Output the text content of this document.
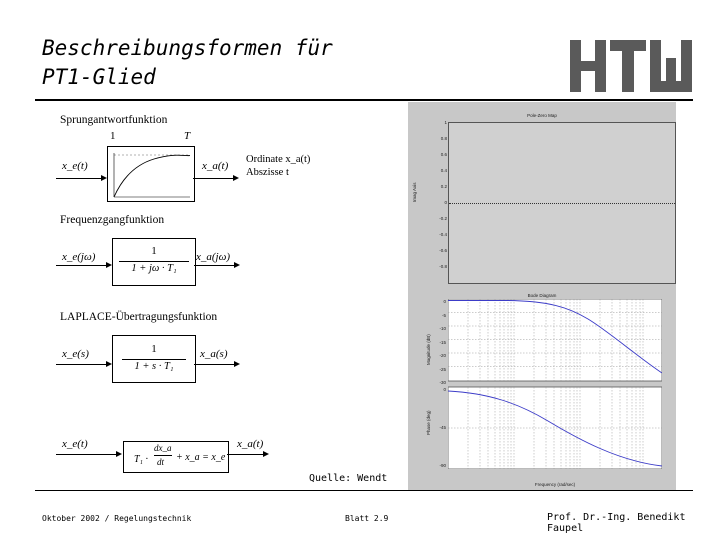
Beschreibungsformen für
PT1-Glied
Sprungantwortfunktion
1	T
x_e(t)	x_a(t)
Ordinate x_a(t)
Abszisse t
Frequenzgangfunktion
1
1 + jω · T₁
x_e(jω)	x_a(jω)
LAPLACE-Übertragungsfunktion
1
1 + s · T₁
x_e(s)	x_a(s)
x_e(t)
T₁ ·
dx_a
dt + x_a = x_e
x_a(t)
Quelle: Wendt
Pole-Zero Map
Imag Axis
1
0.8
0.6
0.4
0.2
0
-0.2
-0.4
-0.6
-0.8
Bode Diagram
Magnitude (dB)
Phase (deg)
0
-5
-10
-15
-20
-25
-30
0
-45
-90
Frequency (rad/sec)
Oktober 2002 / Regelungstechnik	Blatt 2.9	Prof. Dr.-Ing. Benedikt Faupel
